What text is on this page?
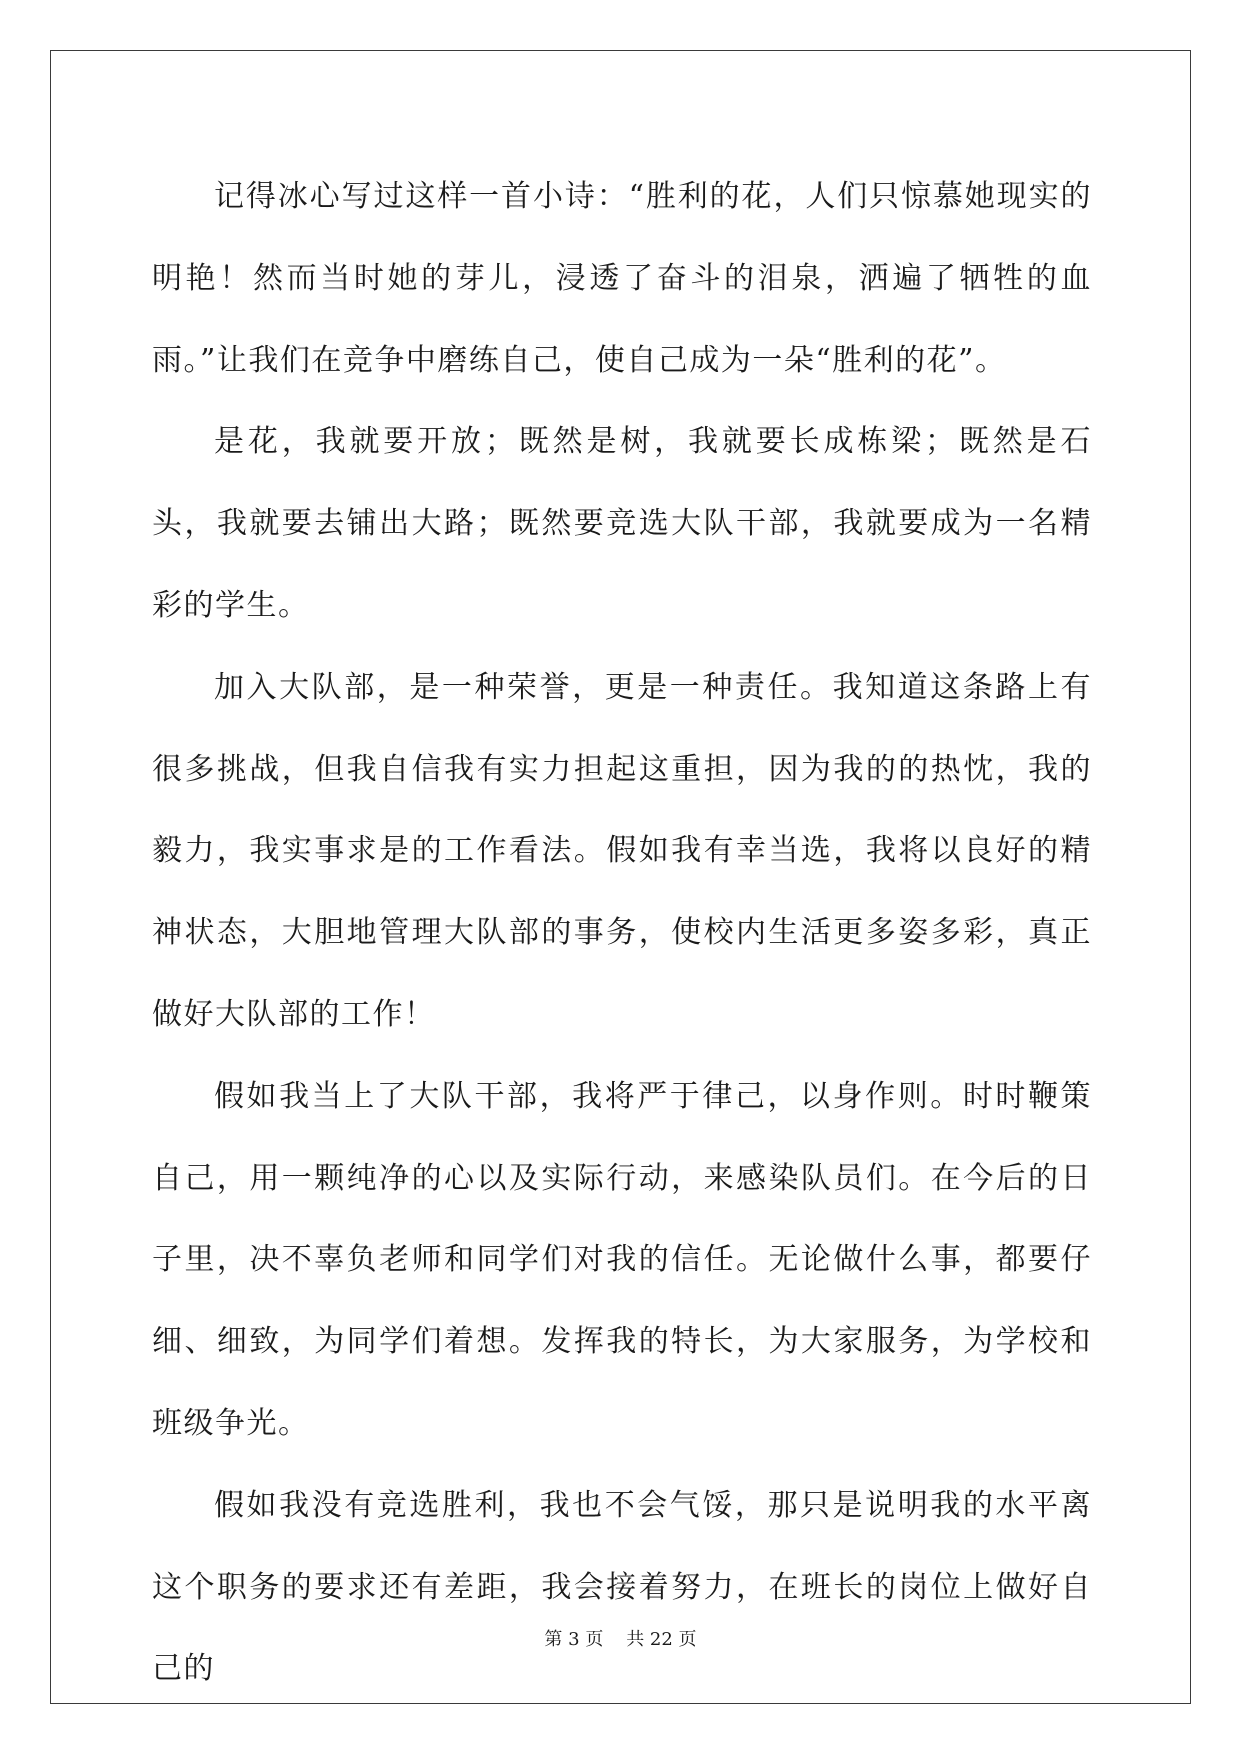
记得冰心写过这样一首小诗：“胜利的花，人们只惊慕她现实的明艳！然而当时她的芽儿，浸透了奋斗的泪泉，洒遍了牺牲的血雨。”让我们在竞争中磨练自己，使自己成为一朵“胜利的花”。

是花，我就要开放；既然是树，我就要长成栋梁；既然是石头，我就要去铺出大路；既然要竞选大队干部，我就要成为一名精彩的学生。

加入大队部，是一种荣誉，更是一种责任。我知道这条路上有很多挑战，但我自信我有实力担起这重担，因为我的的热忱，我的毅力，我实事求是的工作看法。假如我有幸当选，我将以良好的精神状态，大胆地管理大队部的事务，使校内生活更多姿多彩，真正做好大队部的工作！

假如我当上了大队干部，我将严于律己，以身作则。时时鞭策自己，用一颗纯净的心以及实际行动，来感染队员们。在今后的日子里，决不辜负老师和同学们对我的信任。无论做什么事，都要仔细、细致，为同学们着想。发挥我的特长，为大家服务，为学校和班级争光。

假如我没有竞选胜利，我也不会气馁，那只是说明我的水平离这个职务的要求还有差距，我会接着努力，在班长的岗位上做好自己的

第 3 页    共 22 页
